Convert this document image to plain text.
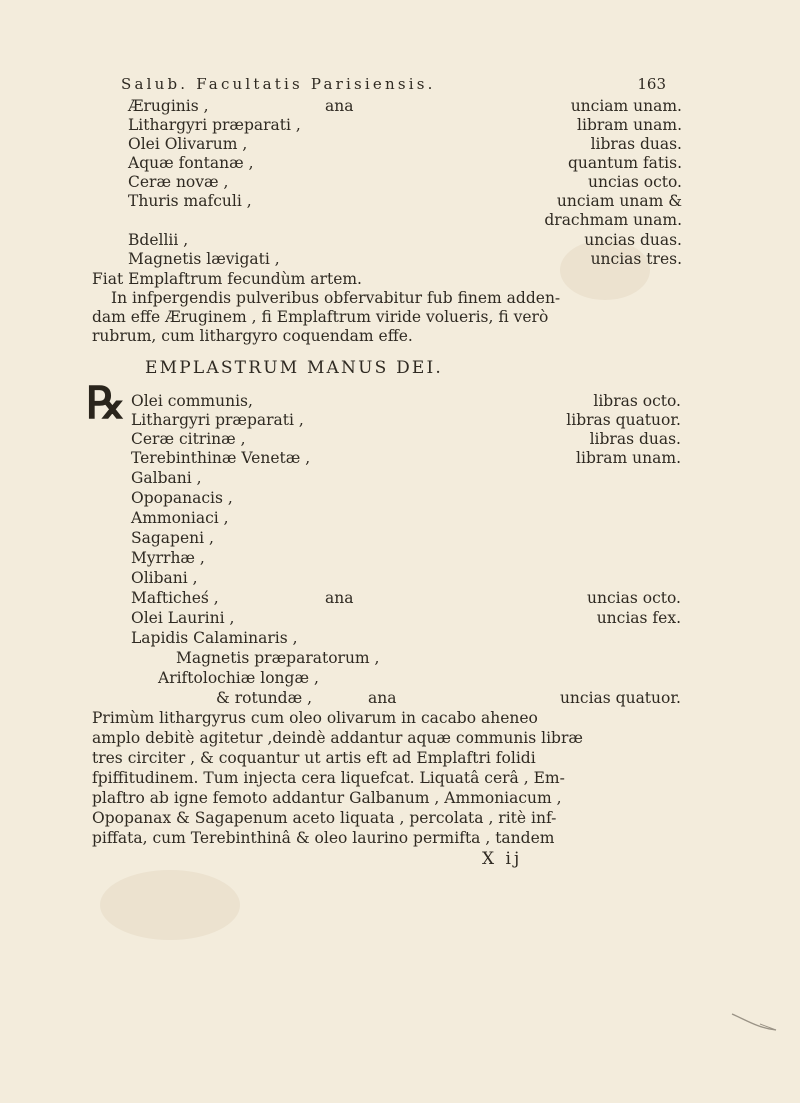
Salub. Facultatis Parisiensis.	163
Æruginis ,	ana	unciam unam.
Lithargyri præparati ,	libram unam.
Olei Olivarum ,	libras duas.
Aquæ fontanæ ,	quantum fatis.
Ceræ novæ ,	uncias octo.
Thuris mafculi ,	unciam unam &
drachmam unam.
Bdellii ,	uncias duas.
Magnetis lævigati ,	uncias tres.
Fiat Emplaftrum fecundùm artem.
In infpergendis pulveribus obfervabitur fub finem adden-
dam effe Æruginem , fi Emplaftrum viride volueris, fi verò
rubrum, cum lithargyro coquendam effe.
EMPLASTRUM MANUS DEI.
℞ Olei communis,	libras octo.
Lithargyri præparati ,	libras quatuor.
Ceræ citrinæ ,	libras duas.
Terebinthinæ Venetæ ,	libram unam.
Galbani ,
Opopanacis ,
Ammoniaci ,
Sagapeni ,
Myrrhæ ,
Olibani ,
Mafticheś ,	ana	uncias octo.
Olei Laurini ,	uncias fex.
Lapidis Calaminaris ,
Magnetis præparatorum ,
Ariftolochiæ longæ ,
& rotundæ ,	ana	uncias quatuor.
Primùm lithargyrus cum oleo olivarum in cacabo aheneo
amplo debitè agitetur ,deindè addantur aquæ communis libræ
tres circiter , & coquantur ut artis eft ad Emplaftri folidi
fpiffitudinem. Tum injecta cera liquefcat. Liquatâ cerâ , Em-
plaftro ab igne femoto addantur Galbanum , Ammoniacum ,
Opopanax & Sagapenum aceto liquata , percolata , ritè inf-
piffata, cum Terebinthinâ & oleo laurino permifta , tandem
X ij
